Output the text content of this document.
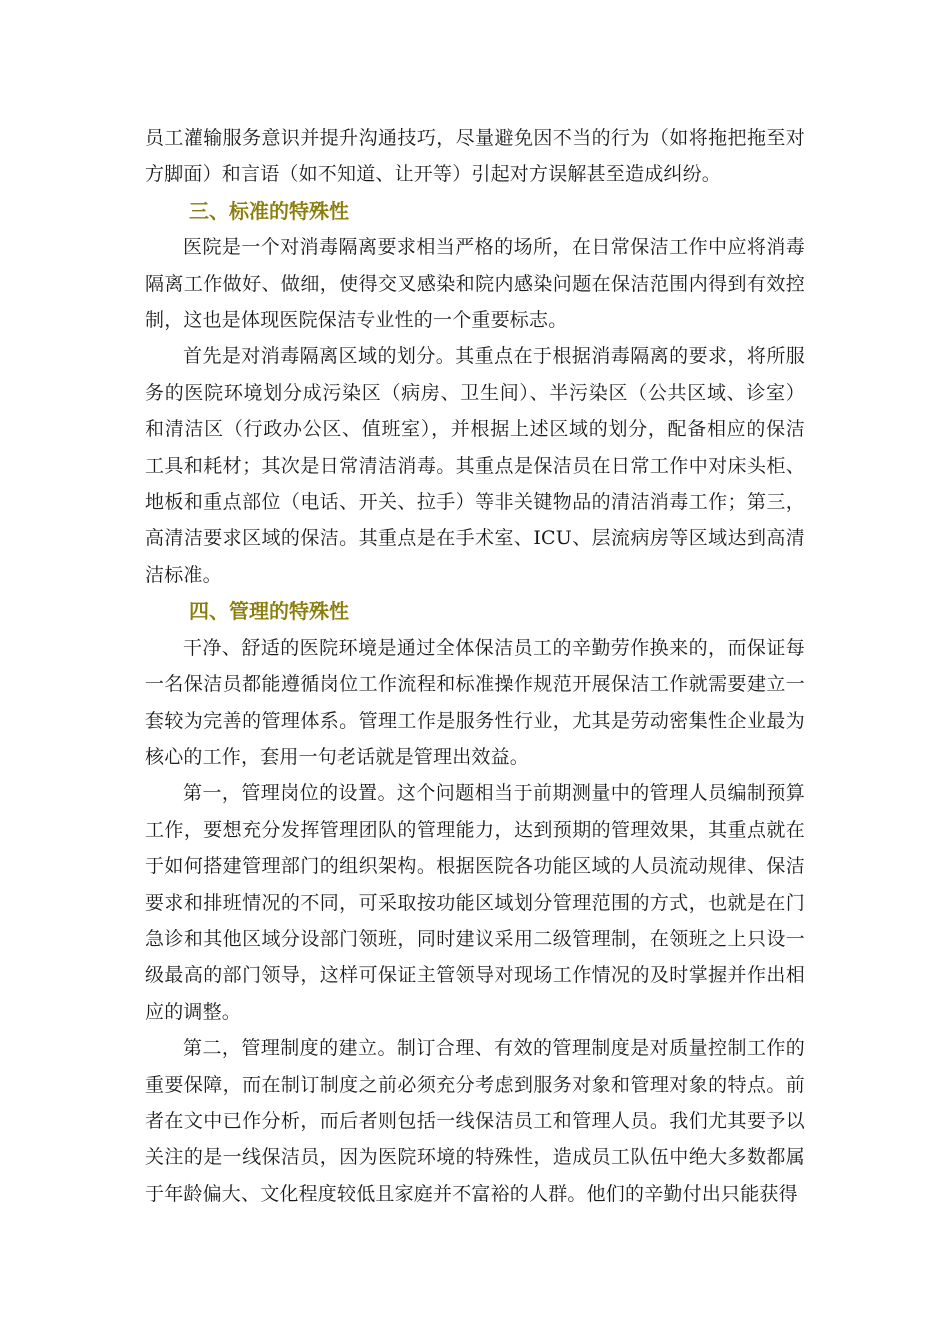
员工灌输服务意识并提升沟通技巧，尽量避免因不当的行为（如将拖把拖至对方脚面）和言语（如不知道、让开等）引起对方误解甚至造成纠纷。

三、标准的特殊性

医院是一个对消毒隔离要求相当严格的场所，在日常保洁工作中应将消毒隔离工作做好、做细，使得交叉感染和院内感染问题在保洁范围内得到有效控制，这也是体现医院保洁专业性的一个重要标志。

首先是对消毒隔离区域的划分。其重点在于根据消毒隔离的要求，将所服务的医院环境划分成污染区（病房、卫生间）、半污染区（公共区域、诊室）和清洁区（行政办公区、值班室），并根据上述区域的划分，配备相应的保洁工具和耗材；其次是日常清洁消毒。其重点是保洁员在日常工作中对床头柜、地板和重点部位（电话、开关、拉手）等非关键物品的清洁消毒工作；第三，高清洁要求区域的保洁。其重点是在手术室、ICU、层流病房等区域达到高清洁标准。

四、管理的特殊性

干净、舒适的医院环境是通过全体保洁员工的辛勤劳作换来的，而保证每一名保洁员都能遵循岗位工作流程和标准操作规范开展保洁工作就需要建立一套较为完善的管理体系。管理工作是服务性行业，尤其是劳动密集性企业最为核心的工作，套用一句老话就是管理出效益。

第一，管理岗位的设置。这个问题相当于前期测量中的管理人员编制预算工作，要想充分发挥管理团队的管理能力，达到预期的管理效果，其重点就在于如何搭建管理部门的组织架构。根据医院各功能区域的人员流动规律、保洁要求和排班情况的不同，可采取按功能区域划分管理范围的方式，也就是在门急诊和其他区域分设部门领班，同时建议采用二级管理制，在领班之上只设一级最高的部门领导，这样可保证主管领导对现场工作情况的及时掌握并作出相应的调整。

第二，管理制度的建立。制订合理、有效的管理制度是对质量控制工作的重要保障，而在制订制度之前必须充分考虑到服务对象和管理对象的特点。前者在文中已作分析，而后者则包括一线保洁员工和管理人员。我们尤其要予以关注的是一线保洁员，因为医院环境的特殊性，造成员工队伍中绝大多数都属于年龄偏大、文化程度较低且家庭并不富裕的人群。他们的辛勤付出只能获得
